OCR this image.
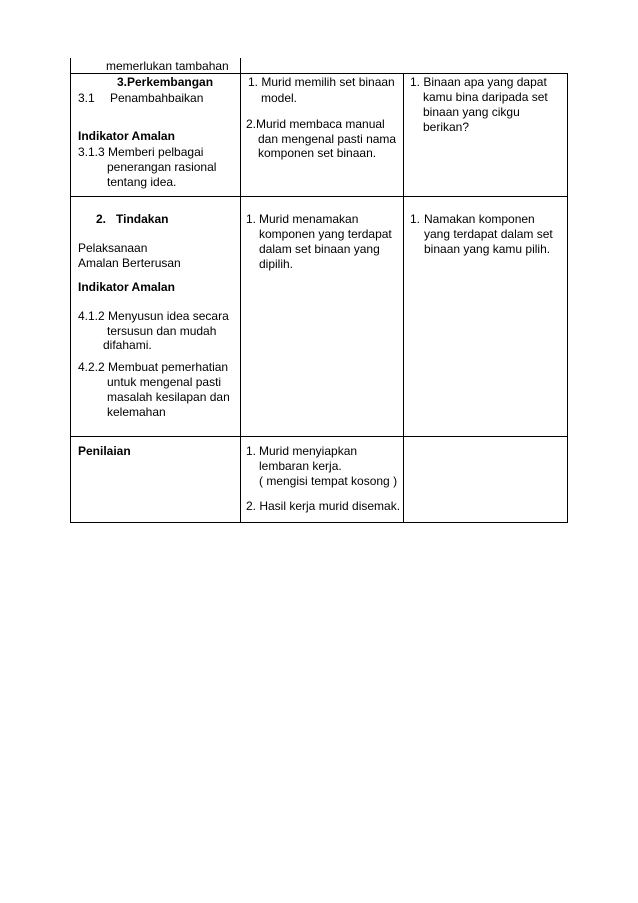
memerlukan tambahan
3.Perkembangan
3.1 Penambahbaikan
Indikator Amalan
3.1.3 Memberi pelbagai
penerangan rasional
tentang idea.
1. Murid memilih set binaan
model.
2.Murid membaca manual
dan mengenal pasti nama
komponen set binaan.
1. Binaan apa yang dapat
kamu bina daripada set
binaan yang cikgu
berikan?
2. Tindakan
Pelaksanaan
Amalan Berterusan
Indikator Amalan
4.1.2 Menyusun idea secara
tersusun dan mudah
difahami.
4.2.2 Membuat pemerhatian
untuk mengenal pasti
masalah kesilapan dan
kelemahan
1. Murid menamakan
komponen yang terdapat
dalam set binaan yang
dipilih.
1. Namakan komponen
yang terdapat dalam set
binaan yang kamu pilih.
Penilaian	1. Murid menyiapkan
lembaran kerja.
( mengisi tempat kosong )
2. Hasil kerja murid disemak.
